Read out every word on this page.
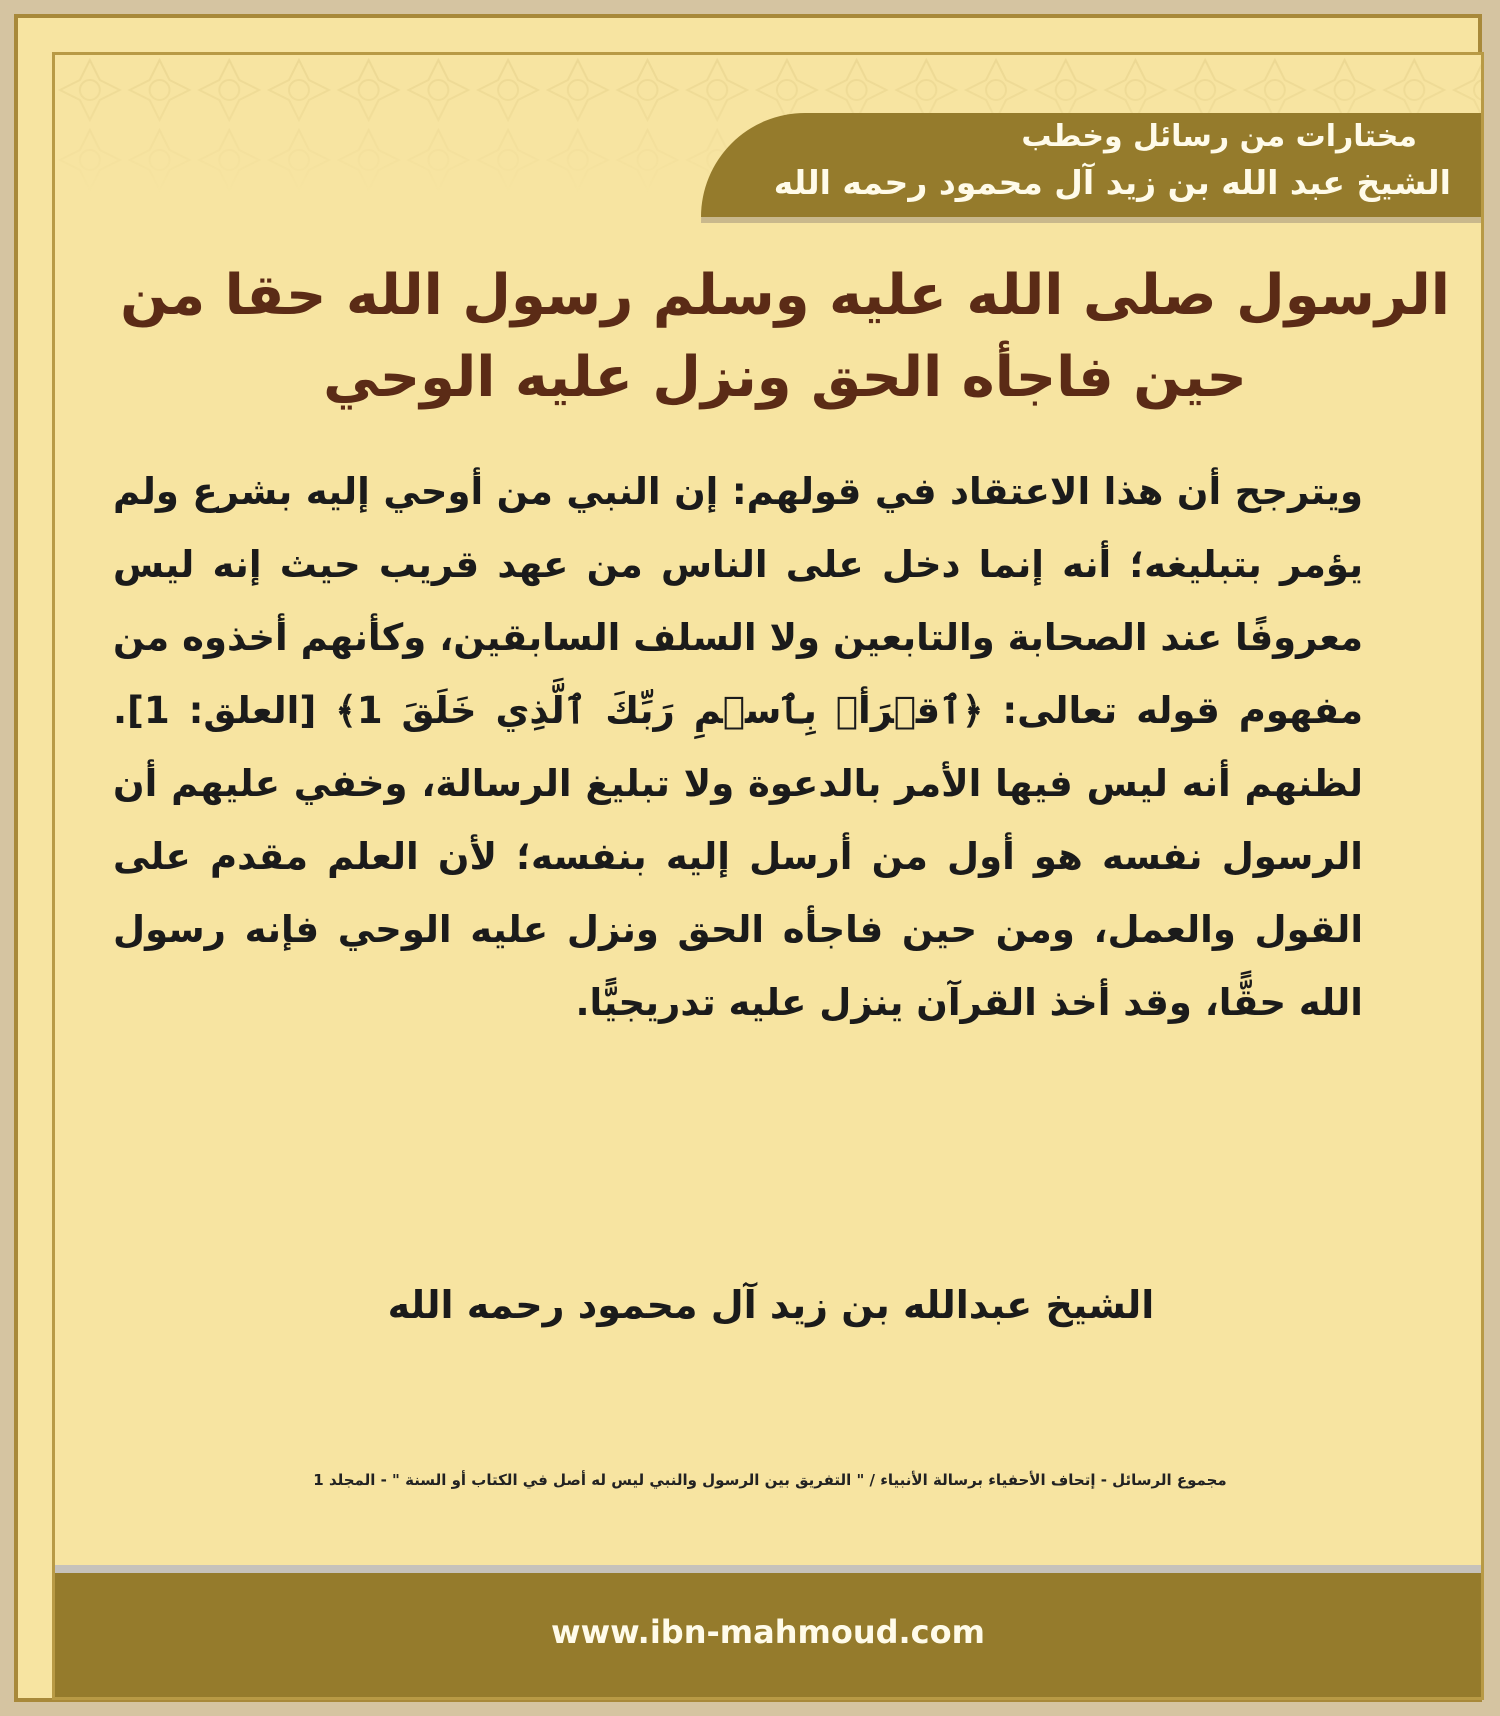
مختارات من رسائل وخطب
الشيخ عبد الله بن زيد آل محمود رحمه الله
الرسول صلى الله عليه وسلم رسول الله حقا من حين فاجأه الحق ونزل عليه الوحي

ويترجح أن هذا الاعتقاد في قولهم: إن النبي من أوحي إليه بشرع ولم يؤمر بتبليغه؛ أنه إنما دخل على الناس من عهد قريب حيث إنه ليس معروفًا عند الصحابة والتابعين ولا السلف السابقين، وكأنهم أخذوه من مفهوم قوله تعالى: ﴿ٱقۡرَأۡ بِٱسۡمِ رَبِّكَ ٱلَّذِي خَلَقَ 1﴾ [العلق: 1]. لظنهم أنه ليس فيها الأمر بالدعوة ولا تبليغ الرسالة، وخفي عليهم أن الرسول نفسه هو أول من أرسل إليه بنفسه؛ لأن العلم مقدم على القول والعمل، ومن حين فاجأه الحق ونزل عليه الوحي فإنه رسول الله حقًّا، وقد أخذ القرآن ينزل عليه تدريجيًّا.

الشيخ عبدالله بن زيد آل محمود رحمه الله

مجموع الرسائل - إتحاف الأحفياء برسالة الأنبياء / " التفريق بين الرسول والنبي ليس له أصل في الكتاب أو السنة " - المجلد 1

www.ibn-mahmoud.com
